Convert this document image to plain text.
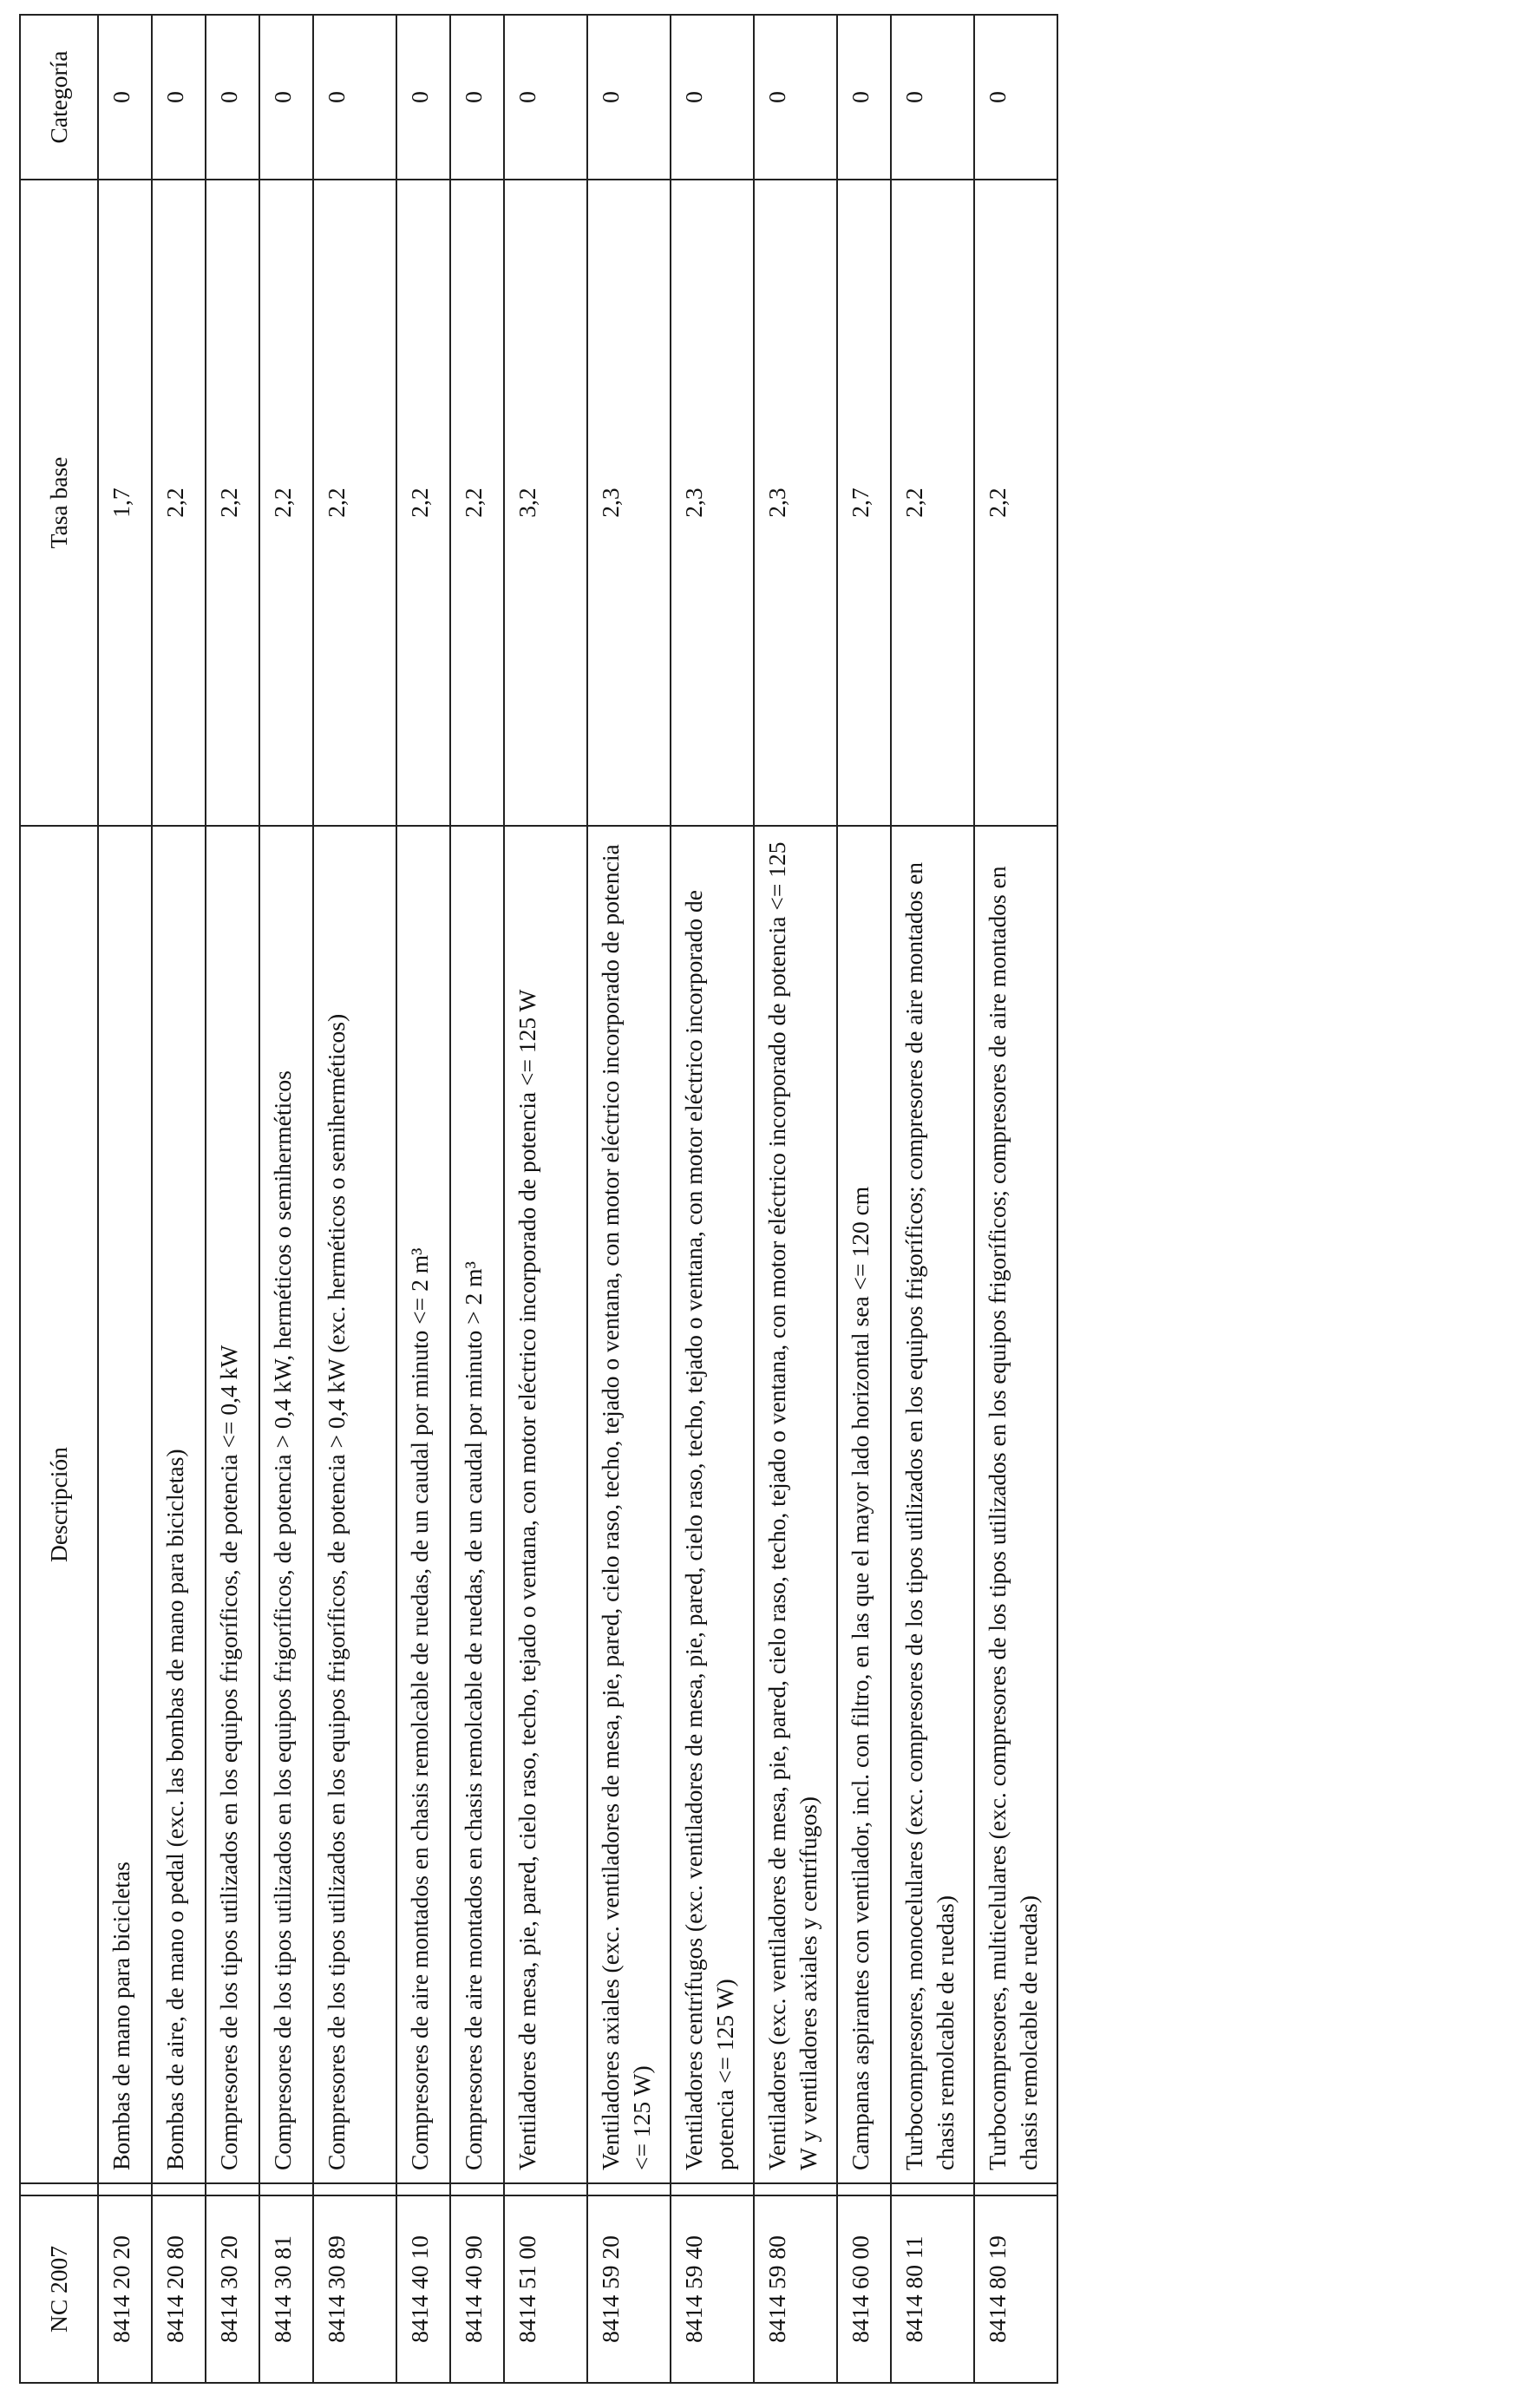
NC 2007		Descripción	Tasa base	Categoría
8414 20 20		Bombas de mano para bicicletas	1,7	0
8414 20 80		Bombas de aire, de mano o pedal (exc. las bombas de mano para bicicletas)	2,2	0
8414 30 20		Compresores de los tipos utilizados en los equipos frigoríficos, de potencia <= 0,4 kW	2,2	0
8414 30 81		Compresores de los tipos utilizados en los equipos frigoríficos, de potencia > 0,4 kW, herméticos o semiherméticos	2,2	0
8414 30 89		Compresores de los tipos utilizados en los equipos frigoríficos, de potencia > 0,4 kW (exc. herméticos o semiherméticos)	2,2	0
8414 40 10		Compresores de aire montados en chasis remolcable de ruedas, de un caudal por minuto <= 2 m³	2,2	0
8414 40 90		Compresores de aire montados en chasis remolcable de ruedas, de un caudal por minuto > 2 m³	2,2	0
8414 51 00		Ventiladores de mesa, pie, pared, cielo raso, techo, tejado o ventana, con motor eléctrico incorporado de potencia <= 125 W	3,2	0
8414 59 20		Ventiladores axiales (exc. ventiladores de mesa, pie, pared, cielo raso, techo, tejado o ventana, con motor eléctrico incorporado de potencia <= 125 W)	2,3	0
8414 59 40		Ventiladores centrífugos (exc. ventiladores de mesa, pie, pared, cielo raso, techo, tejado o ventana, con motor eléctrico incorporado de potencia <= 125 W)	2,3	0
8414 59 80		Ventiladores (exc. ventiladores de mesa, pie, pared, cielo raso, techo, tejado o ventana, con motor eléctrico incorporado de potencia <= 125 W y ventiladores axiales y centrífugos)	2,3	0
8414 60 00		Campanas aspirantes con ventilador, incl. con filtro, en las que el mayor lado horizontal sea <= 120 cm	2,7	0
8414 80 11		Turbocompresores, monocelulares (exc. compresores de los tipos utilizados en los equipos frigoríficos; compresores de aire montados en chasis remolcable de ruedas)	2,2	0
8414 80 19		Turbocompresores, multicelulares (exc. compresores de los tipos utilizados en los equipos frigoríficos; compresores de aire montados en chasis remolcable de ruedas)	2,2	0
